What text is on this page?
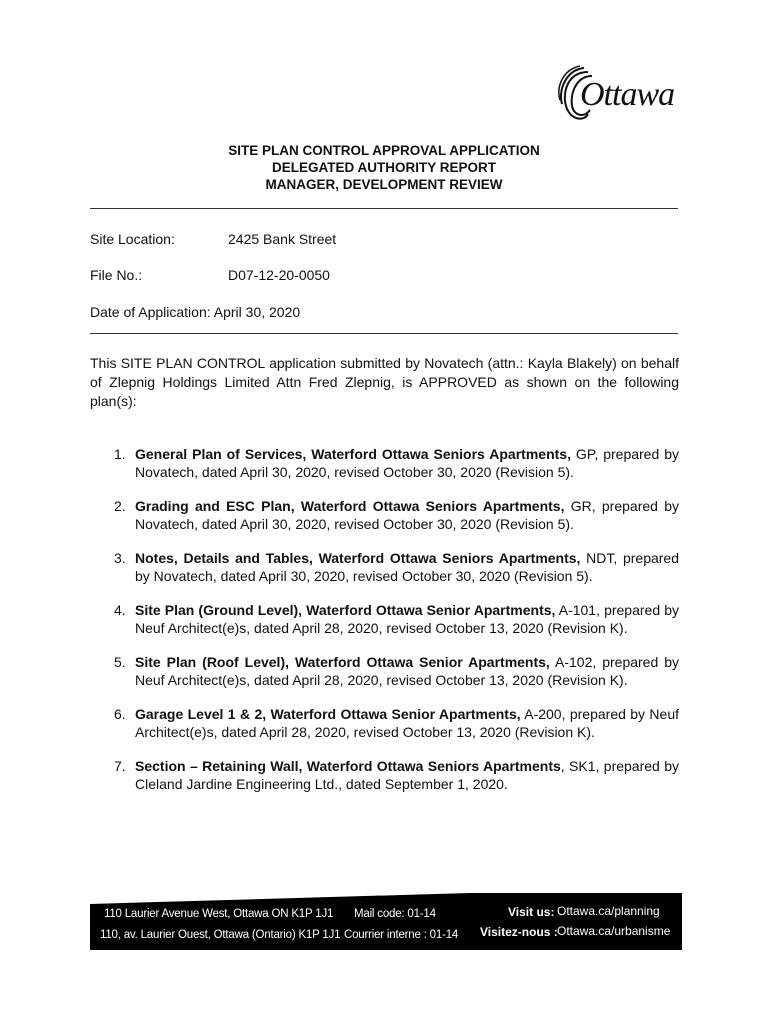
Ottawa
SITE PLAN CONTROL APPROVAL APPLICATION
DELEGATED AUTHORITY REPORT
MANAGER, DEVELOPMENT REVIEW
Site Location:	2425 Bank Street
File No.:	D07-12-20-0050
Date of Application: April 30, 2020
This SITE PLAN CONTROL application submitted by Novatech (attn.: Kayla Blakely) on behalf of Zlepnig Holdings Limited Attn Fred Zlepnig, is APPROVED as shown on the following plan(s):
1. General Plan of Services, Waterford Ottawa Seniors Apartments, GP, prepared by Novatech, dated April 30, 2020, revised October 30, 2020 (Revision 5).
2. Grading and ESC Plan, Waterford Ottawa Seniors Apartments, GR, prepared by Novatech, dated April 30, 2020, revised October 30, 2020 (Revision 5).
3. Notes, Details and Tables, Waterford Ottawa Seniors Apartments, NDT, prepared by Novatech, dated April 30, 2020, revised October 30, 2020 (Revision 5).
4. Site Plan (Ground Level), Waterford Ottawa Senior Apartments, A-101, prepared by Neuf Architect(e)s, dated April 28, 2020, revised October 13, 2020 (Revision K).
5. Site Plan (Roof Level), Waterford Ottawa Senior Apartments, A-102, prepared by Neuf Architect(e)s, dated April 28, 2020, revised October 13, 2020 (Revision K).
6. Garage Level 1 & 2, Waterford Ottawa Senior Apartments, A-200, prepared by Neuf Architect(e)s, dated April 28, 2020, revised October 13, 2020 (Revision K).
7. Section – Retaining Wall, Waterford Ottawa Seniors Apartments, SK1, prepared by Cleland Jardine Engineering Ltd., dated September 1, 2020.
110 Laurier Avenue West, Ottawa ON K1P 1J1 Mail code: 01-14
110, av. Laurier Ouest, Ottawa (Ontario) K1P 1J1 Courrier interne : 01-14
Visit us: Ottawa.ca/planning
Visitez-nous : Ottawa.ca/urbanisme
